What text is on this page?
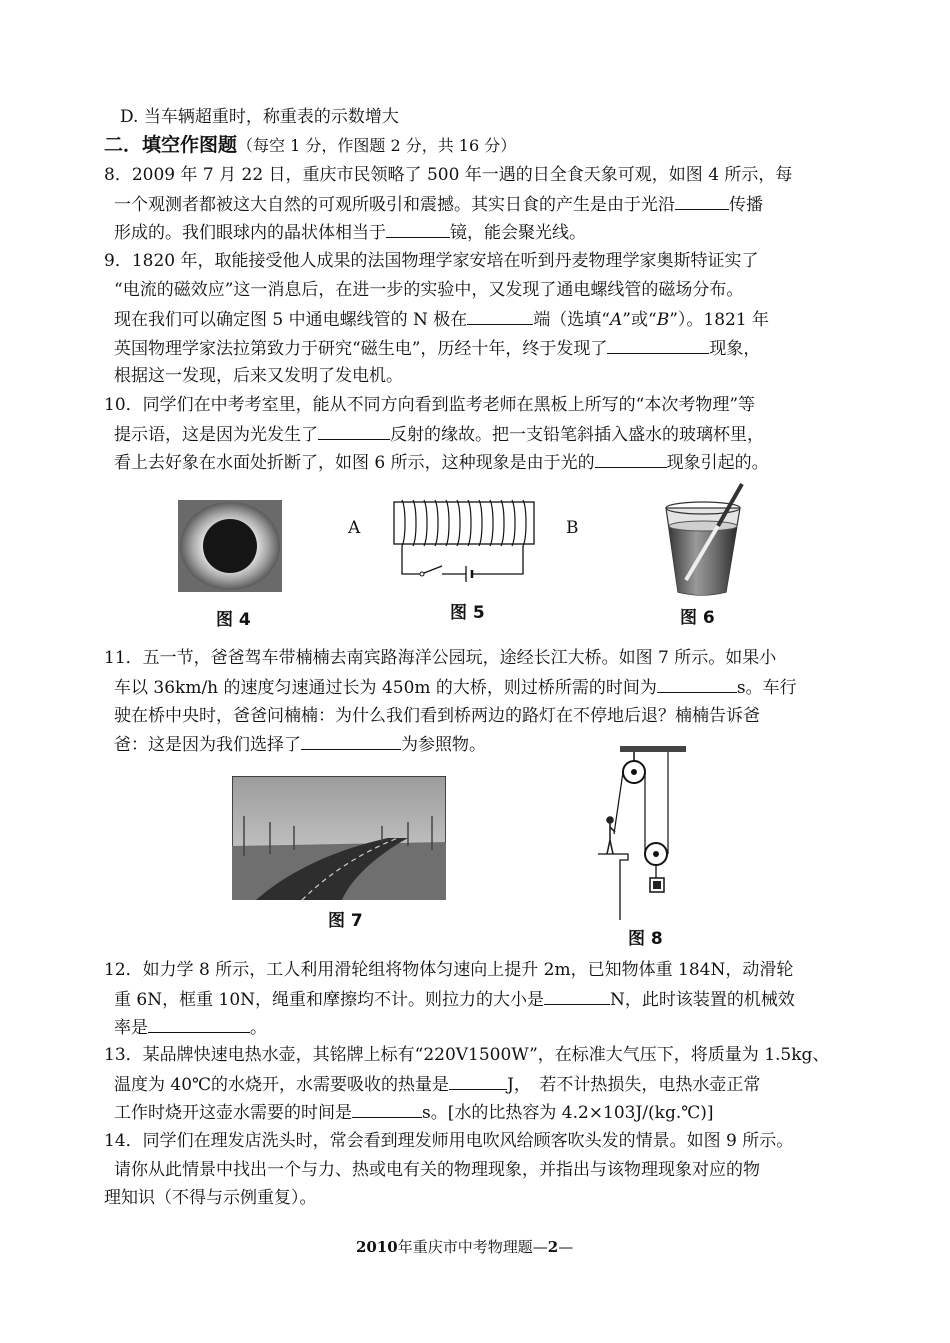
D. 当车辆超重时，称重表的示数增大
二．填空作图题（每空 1 分，作图题 2 分，共 16 分）
8．2009 年 7 月 22 日，重庆市民领略了 500 年一遇的日全食天象可观，如图 4 所示，每
一个观测者都被这大自然的可观所吸引和震撼。其实日食的产生是由于光沿	传播
形成的。我们眼球内的晶状体相当于	镜，能会聚光线。
9．1820 年，取能接受他人成果的法国物理学家安培在听到丹麦物理学家奥斯特证实了
“电流的磁效应”这一消息后，在进一步的实验中，又发现了通电螺线管的磁场分布。
现在我们可以确定图 5 中通电螺线管的 N 极在	端（选填“A”或“B”）。1821 年
英国物理学家法拉第致力于研究“磁生电”，历经十年，终于发现了	现象，
根据这一发现，后来又发明了发电机。
10．同学们在中考考室里，能从不同方向看到监考老师在黑板上所写的“本次考物理”等
提示语，这是因为光发生了	反射的缘故。把一支铅笔斜插入盛水的玻璃杯里，
看上去好象在水面处折断了，如图 6 所示，这种现象是由于光的	现象引起的。
图 4
A	B
图 5	图 6
11．五一节，爸爸驾车带楠楠去南宾路海洋公园玩，途经长江大桥。如图 7 所示。如果小
车以 36km/h 的速度匀速通过长为 450m 的大桥，则过桥所需的时间为	s。车行
驶在桥中央时，爸爸问楠楠：为什么我们看到桥两边的路灯在不停地后退？楠楠告诉爸
爸：这是因为我们选择了	为参照物。
图 7
图 8
12．如力学 8 所示，工人利用滑轮组将物体匀速向上提升 2m，已知物体重 184N，动滑轮
重 6N，框重 10N，绳重和摩擦均不计。则拉力的大小是	N，此时该装置的机械效
率是	。
13．某品牌快速电热水壶，其铭牌上标有“220V1500W”，在标准大气压下，将质量为 1.5kg、
温度为 40℃的水烧开，水需要吸收的热量是	J，　若不计热损失，电热水壶正常
工作时烧开这壶水需要的时间是	s。[水的比热容为 4.2×103J/(kg.℃)]
14．同学们在理发店洗头时，常会看到理发师用电吹风给顾客吹头发的情景。如图 9 所示。
请你从此情景中找出一个与力、热或电有关的物理现象，并指出与该物理现象对应的物
理知识（不得与示例重复）。
2010年重庆市中考物理题—2—
